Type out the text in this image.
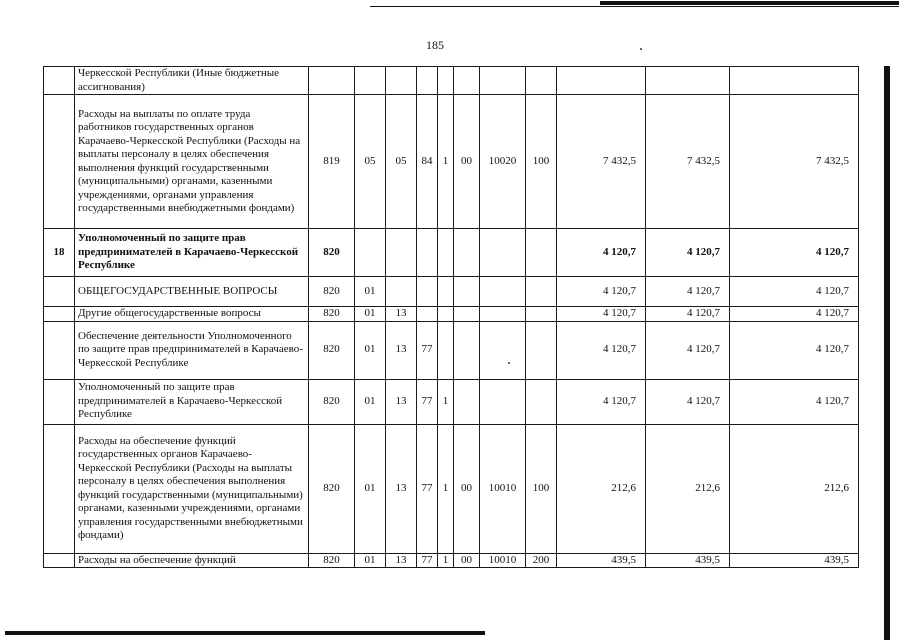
185
	Черкесской Республики (Иные бюджетные ассигнования)											
	Расходы на выплаты по оплате труда работников государственных органов Карачаево-Черкесской Республики (Расходы на выплаты персоналу в целях обеспечения выполнения функций государственными (муниципальными) органами, казенными учреждениями, органами управления государственными внебюджетными фондами)	819	05	05	84	1	00	10020	100	7 432,5	7 432,5	7 432,5
18	Уполномоченный по защите прав предпринимателей в Карачаево-Черкесской Республике	820								4 120,7	4 120,7	4 120,7
	ОБЩЕГОСУДАРСТВЕННЫЕ ВОПРОСЫ	820	01							4 120,7	4 120,7	4 120,7
	Другие общегосударственные вопросы	820	01	13						4 120,7	4 120,7	4 120,7
	Обеспечение деятельности Уполномоченного по защите прав предпринимателей в Карачаево-Черкесской Республике	820	01	13	77					4 120,7	4 120,7	4 120,7
	Уполномоченный по защите прав предпринимателей в Карачаево-Черкесской Республике	820	01	13	77	1				4 120,7	4 120,7	4 120,7
	Расходы на обеспечение функций государственных органов Карачаево-Черкесской Республики (Расходы на выплаты персоналу в целях обеспечения выполнения функций государственными (муниципальными) органами, казенными учреждениями, органами управления государственными внебюджетными фондами)	820	01	13	77	1	00	10010	100	212,6	212,6	212,6
	Расходы на обеспечение функций	820	01	13	77	1	00	10010	200	439,5	439,5	439,5
